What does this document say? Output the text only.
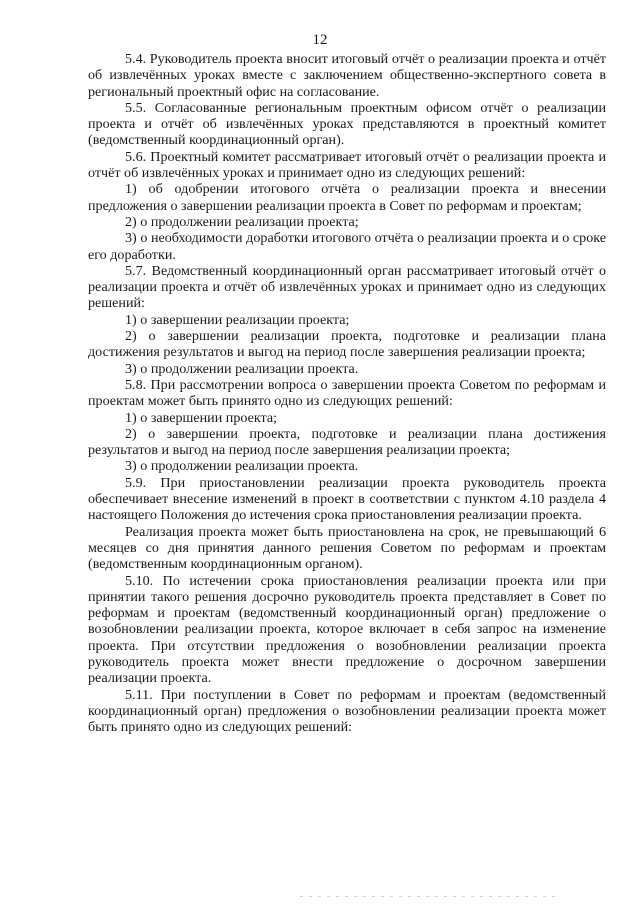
12

5.4. Руководитель проекта вносит итоговый отчёт о реализации проекта и отчёт об извлечённых уроках вместе с заключением общественно-экспертного совета в региональный проектный офис на согласование.

5.5. Согласованные региональным проектным офисом отчёт о реализации проекта и отчёт об извлечённых уроках представляются в проектный комитет (ведомственный координационный орган).

5.6. Проектный комитет рассматривает итоговый отчёт о реализации проекта и отчёт об извлечённых уроках и принимает одно из следующих решений:

1) об одобрении итогового отчёта о реализации проекта и внесении предложения о завершении реализации проекта в Совет по реформам и проектам;

2) о продолжении реализации проекта;

3) о необходимости доработки итогового отчёта о реализации проекта и о сроке его доработки.

5.7. Ведомственный координационный орган рассматривает итоговый отчёт о реализации проекта и отчёт об извлечённых уроках и принимает одно из следующих решений:

1) о завершении реализации проекта;

2) о завершении реализации проекта, подготовке и реализации плана достижения результатов и выгод на период после завершения реализации проекта;

3) о продолжении реализации проекта.

5.8. При рассмотрении вопроса о завершении проекта Советом по реформам и проектам может быть принято одно из следующих решений:

1) о завершении проекта;

2) о завершении проекта, подготовке и реализации плана достижения результатов и выгод на период после завершения реализации проекта;

3) о продолжении реализации проекта.

5.9. При приостановлении реализации проекта руководитель проекта обеспечивает внесение изменений в проект в соответствии с пунктом 4.10 раздела 4 настоящего Положения до истечения срока приостановления реализации проекта.

Реализация проекта может быть приостановлена на срок, не превышающий 6 месяцев со дня принятия данного решения Советом по реформам и проектам (ведомственным координационным органом).

5.10. По истечении срока приостановления реализации проекта или при принятии такого решения досрочно руководитель проекта представляет в Совет по реформам и проектам (ведомственный координационный орган) предложение о возобновлении реализации проекта, которое включает в себя запрос на изменение проекта. При отсутствии предложения о возобновлении реализации проекта руководитель проекта может внести предложение о досрочном завершении реализации проекта.

5.11. При поступлении в Совет по реформам и проектам (ведомственный координационный орган) предложения о возобновлении реализации проекта может быть принято одно из следующих решений:
